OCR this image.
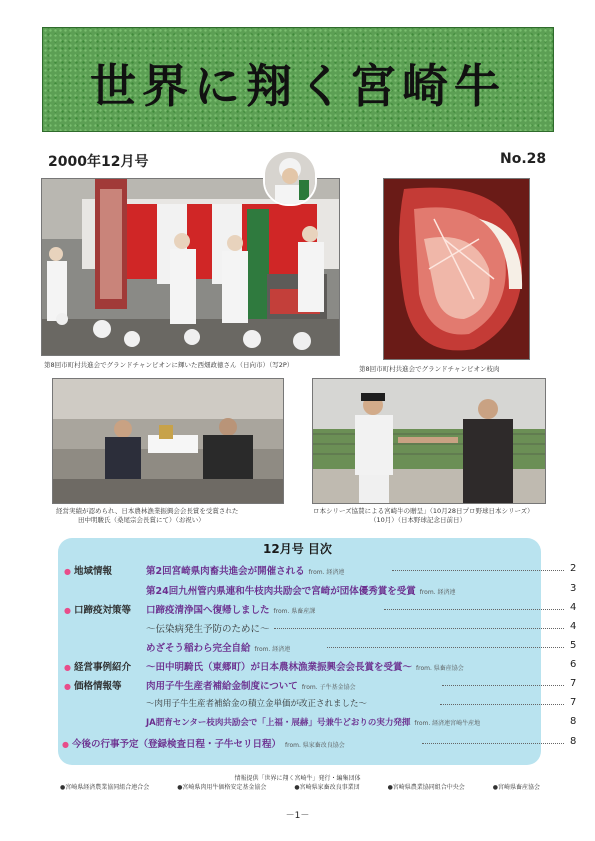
世界に翔く宮崎牛
2000年12月号	No.28
第8回市町村共進会でグランドチャンピオンに輝いた西畑政徳さん（日向市）（写2P）	第8回市町村共進会でグランドチャンピオン枝肉
経営実績が認められ、日本農林漁業振興会会長賞を受賞された
田中明駿氏（桑尾宗会長賞にて）（お祝い）
ロ本シリーズ協賛による宮崎牛の贈呈」（10月28日プロ野球日本シリーズ）
（10月）（日本野球記念日前日）
12月号 目次
● 地域情報	第2回宮崎県肉畜共進会が開催される from. 経済連	2
第24回九州管内県連和牛枝肉共励会で宮崎が団体優秀賞を受賞 from. 経済連	3
● 口蹄疫対策等 口蹄疫清浄国へ復帰しました from. 県畜産課	4
～伝染病発生予防のために～	4
めざそう稲わら完全自給 from. 経済連	5
● 経営事例紹介 ～田中明騎氏（東郷町）が日本農林漁業振興会会長賞を受賞～ from. 県畜産協会	6
● 価格情報等	肉用子牛生産者補給金制度について from. 子牛基金協会	7
～肉用子牛生産者補給金の積立金単価が改正されました～	7
JA肥育センター枝肉共励会で「上福・展赫」号兼牛どおりの実力発揮 from. 経済連宮崎牛産地	8
● 今後の行事予定（登録検査日程・子牛セリ日程） from. 県家畜改良協会	8
情報提供「世界に翔く宮崎牛」発行・編集団体
●宮崎県経済農業協同組合連合会	●宮崎県肉用牛価格安定基金協会	●宮崎県家畜改良事業団	●宮崎県農業協同組合中央会	●宮崎県畜産協会
－1－
